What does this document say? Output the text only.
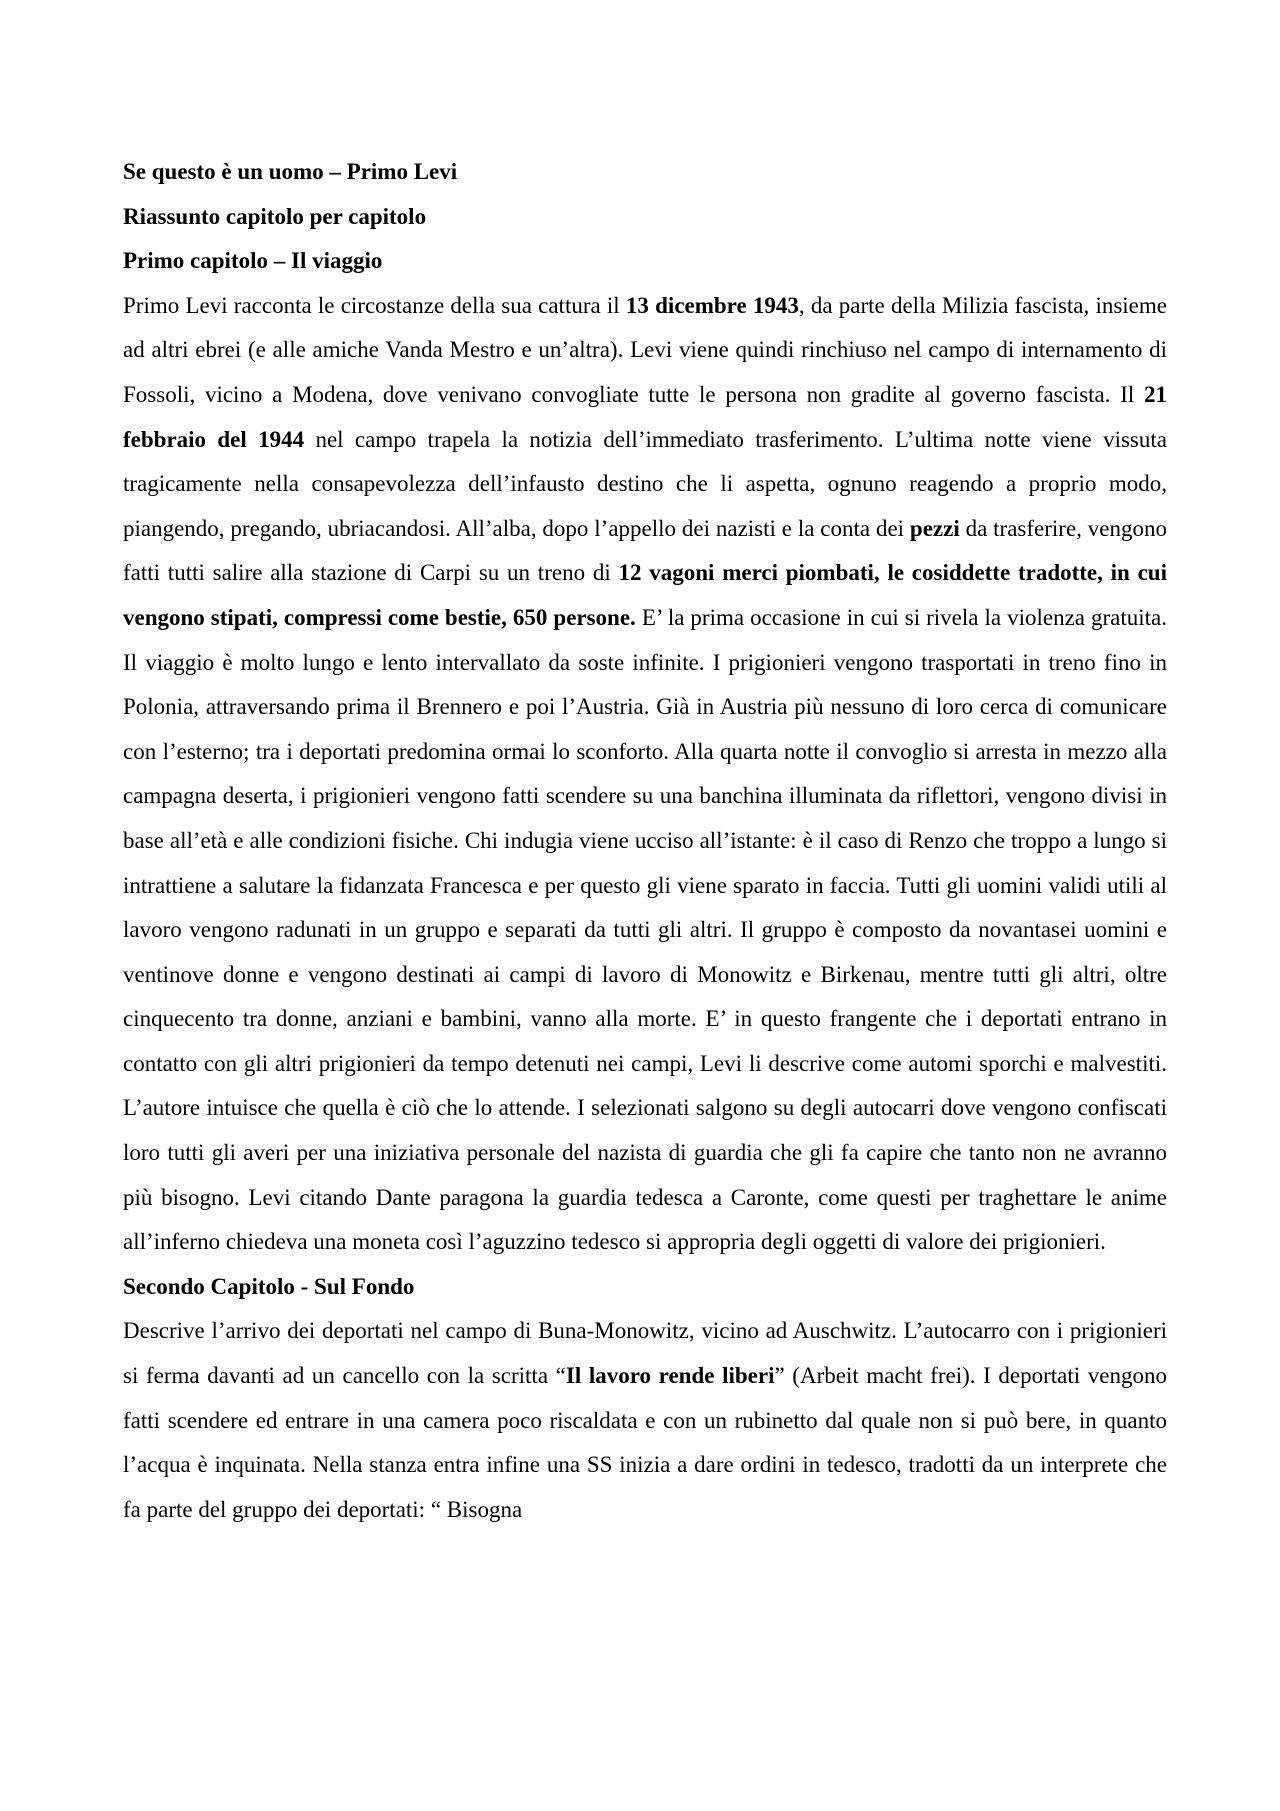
Se questo è un uomo – Primo Levi

Riassunto capitolo per capitolo

Primo capitolo – Il viaggio

Primo Levi racconta le circostanze della sua cattura il 13 dicembre 1943, da parte della Milizia fascista, insieme ad altri ebrei (e alle amiche Vanda Mestro e un’altra). Levi viene quindi rinchiuso nel campo di internamento di Fossoli, vicino a Modena, dove venivano convogliate tutte le persona non gradite al governo fascista. Il 21 febbraio del 1944 nel campo trapela la notizia dell’immediato trasferimento. L’ultima notte viene vissuta tragicamente nella consapevolezza dell’infausto destino che li aspetta, ognuno reagendo a proprio modo, piangendo, pregando, ubriacandosi. All’alba, dopo l’appello dei nazisti e la conta dei pezzi da trasferire, vengono fatti tutti salire alla stazione di Carpi su un treno di 12 vagoni merci piombati, le cosiddette tradotte, in cui vengono stipati, compressi come bestie, 650 persone. E’ la prima occasione in cui si rivela la violenza gratuita. Il viaggio è molto lungo e lento intervallato da soste infinite. I prigionieri vengono trasportati in treno fino in Polonia, attraversando prima il Brennero e poi l’Austria. Già in Austria più nessuno di loro cerca di comunicare con l’esterno; tra i deportati predomina ormai lo sconforto. Alla quarta notte il convoglio si arresta in mezzo alla campagna deserta, i prigionieri vengono fatti scendere su una banchina illuminata da riflettori, vengono divisi in base all’età e alle condizioni fisiche. Chi indugia viene ucciso all’istante: è il caso di Renzo che troppo a lungo si intrattiene a salutare la fidanzata Francesca e per questo gli viene sparato in faccia. Tutti gli uomini validi utili al lavoro vengono radunati in un gruppo e separati da tutti gli altri. Il gruppo è composto da novantasei uomini e ventinove donne e vengono destinati ai campi di lavoro di Monowitz e Birkenau, mentre tutti gli altri, oltre cinquecento tra donne, anziani e bambini, vanno alla morte. E’ in questo frangente che i deportati entrano in contatto con gli altri prigionieri da tempo detenuti nei campi, Levi li descrive come automi sporchi e malvestiti. L’autore intuisce che quella è ciò che lo attende. I selezionati salgono su degli autocarri dove vengono confiscati loro tutti gli averi per una iniziativa personale del nazista di guardia che gli fa capire che tanto non ne avranno più bisogno. Levi citando Dante paragona la guardia tedesca a Caronte, come questi per traghettare le anime all’inferno chiedeva una moneta così l’aguzzino tedesco si appropria degli oggetti di valore dei prigionieri.

Secondo Capitolo - Sul Fondo

Descrive l’arrivo dei deportati nel campo di Buna-Monowitz, vicino ad Auschwitz. L’autocarro con i prigionieri si ferma davanti ad un cancello con la scritta “Il lavoro rende liberi” (Arbeit macht frei). I deportati vengono fatti scendere ed entrare in una camera poco riscaldata e con un rubinetto dal quale non si può bere, in quanto l’acqua è inquinata. Nella stanza entra infine una SS inizia a dare ordini in tedesco, tradotti da un interprete che fa parte del gruppo dei deportati: “ Bisogna
